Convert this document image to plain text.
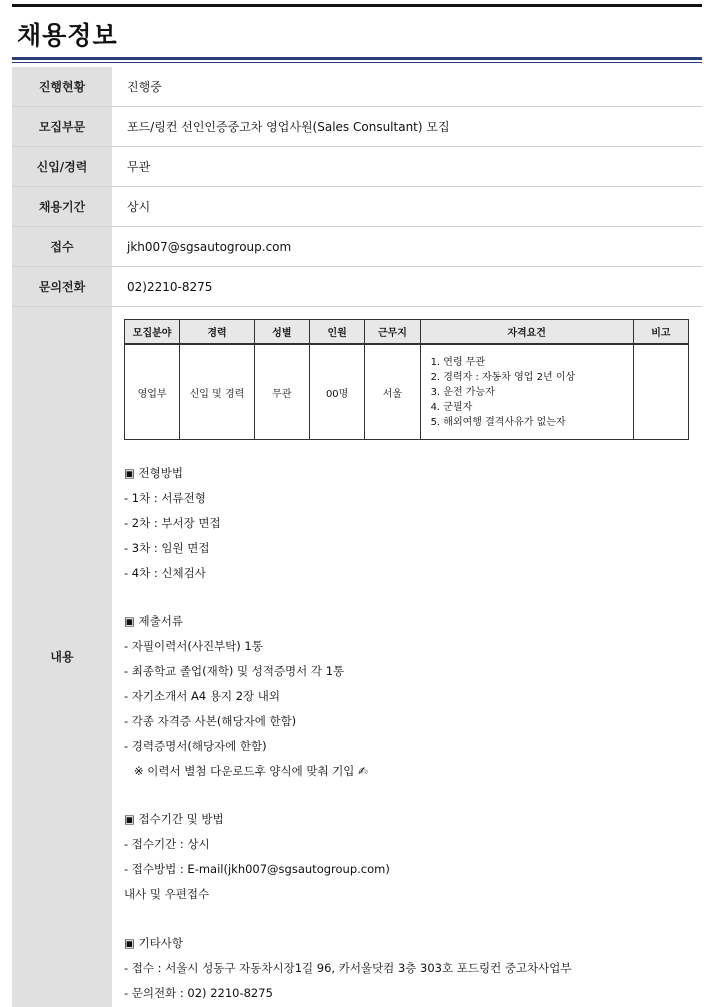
채용정보
진행현황	진행중
모집부문	포드/링컨 선인인증중고차 영업사원(Sales Consultant) 모집
신입/경력	무관
채용기간	상시
접수	jkh007@sgsautogroup.com
문의전화	02)2210-8275
내용
모집분야	경력	성별	인원	근무지	자격요건	비고
영업부	신입 및 경력	무관	00명	서울	1. 연령 무관
2. 경력자 : 자동차 영업 2년 이상
3. 운전 가능자
4. 군필자
5. 해외여행 결격사유가 없는자	

▣ 전형방법
- 1차 : 서류전형
- 2차 : 부서장 면접
- 3차 : 임원 면접
- 4차 : 신체검사
▣ 제출서류
- 자필이력서(사진부탁) 1통
- 최종학교 졸업(재학) 및 성적증명서 각 1통
- 자기소개서 A4 용지 2장 내외
- 각종 자격증 사본(해당자에 한함)
- 경력증명서(해당자에 한함)
※ 이력서 별첨 다운로드후 양식에 맞춰 기입 ✍
▣ 접수기간 및 방법
- 접수기간 : 상시
- 접수방법 : E-mail(jkh007@sgsautogroup.com)
내사 및 우편접수
▣ 기타사항
- 접수 : 서울시 성동구 자동차시장1길 96, 카서울닷컴 3층 303호 포드링컨 중고차사업부
- 문의전화 : 02) 2210-8275
